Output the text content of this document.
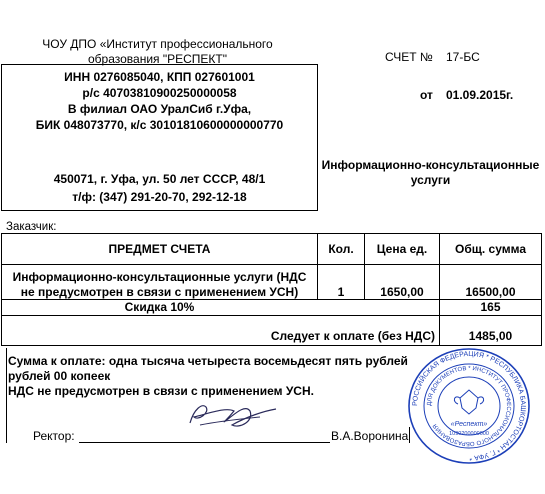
ЧОУ ДПО «Институт профессионального
образования "РЕСПЕКТ"	СЧЕТ № 17-БС
ИНН 0276085040, КПП 027601001
р/с 40703810900250000058
В филиал ОАО УралСиб г.Уфа,
БИК 048073770, к/с 30101810600000000770
450071, г. Уфа, ул. 50 лет СССР, 48/1
т/ф: (347) 291-20-70, 292-12-18
от 01.09.2015г.
Информационно-консультационные
услуги
Заказчик:
ПРЕДМЕТ СЧЕТА	Кол.	Цена ед.	Общ. сумма
Информационно-консультационные услуги (НДС
не предусмотрен в связи с применением УСН)	1	1650,00	16500,00
Скидка 10%	165
Следует к оплате (без НДС)	1485,00
Сумма к оплате: одна тысяча четыреста восемьдесят пять рублей
рублей 00 копеек
НДС не предусмотрен в связи с применением УСН.
Ректор:	В.А.Воронина
РОССИЙСКАЯ ФЕДЕРАЦИЯ * РЕСПУБЛИКА БАШКОРТОСТАН * Г. УФА *
ДЛЯ ДОКУМЕНТОВ * ИНСТИТУТ ПРОФЕССИОНАЛЬНОГО ОБРАЗОВАНИЯ	«Респект»
1090200000000
